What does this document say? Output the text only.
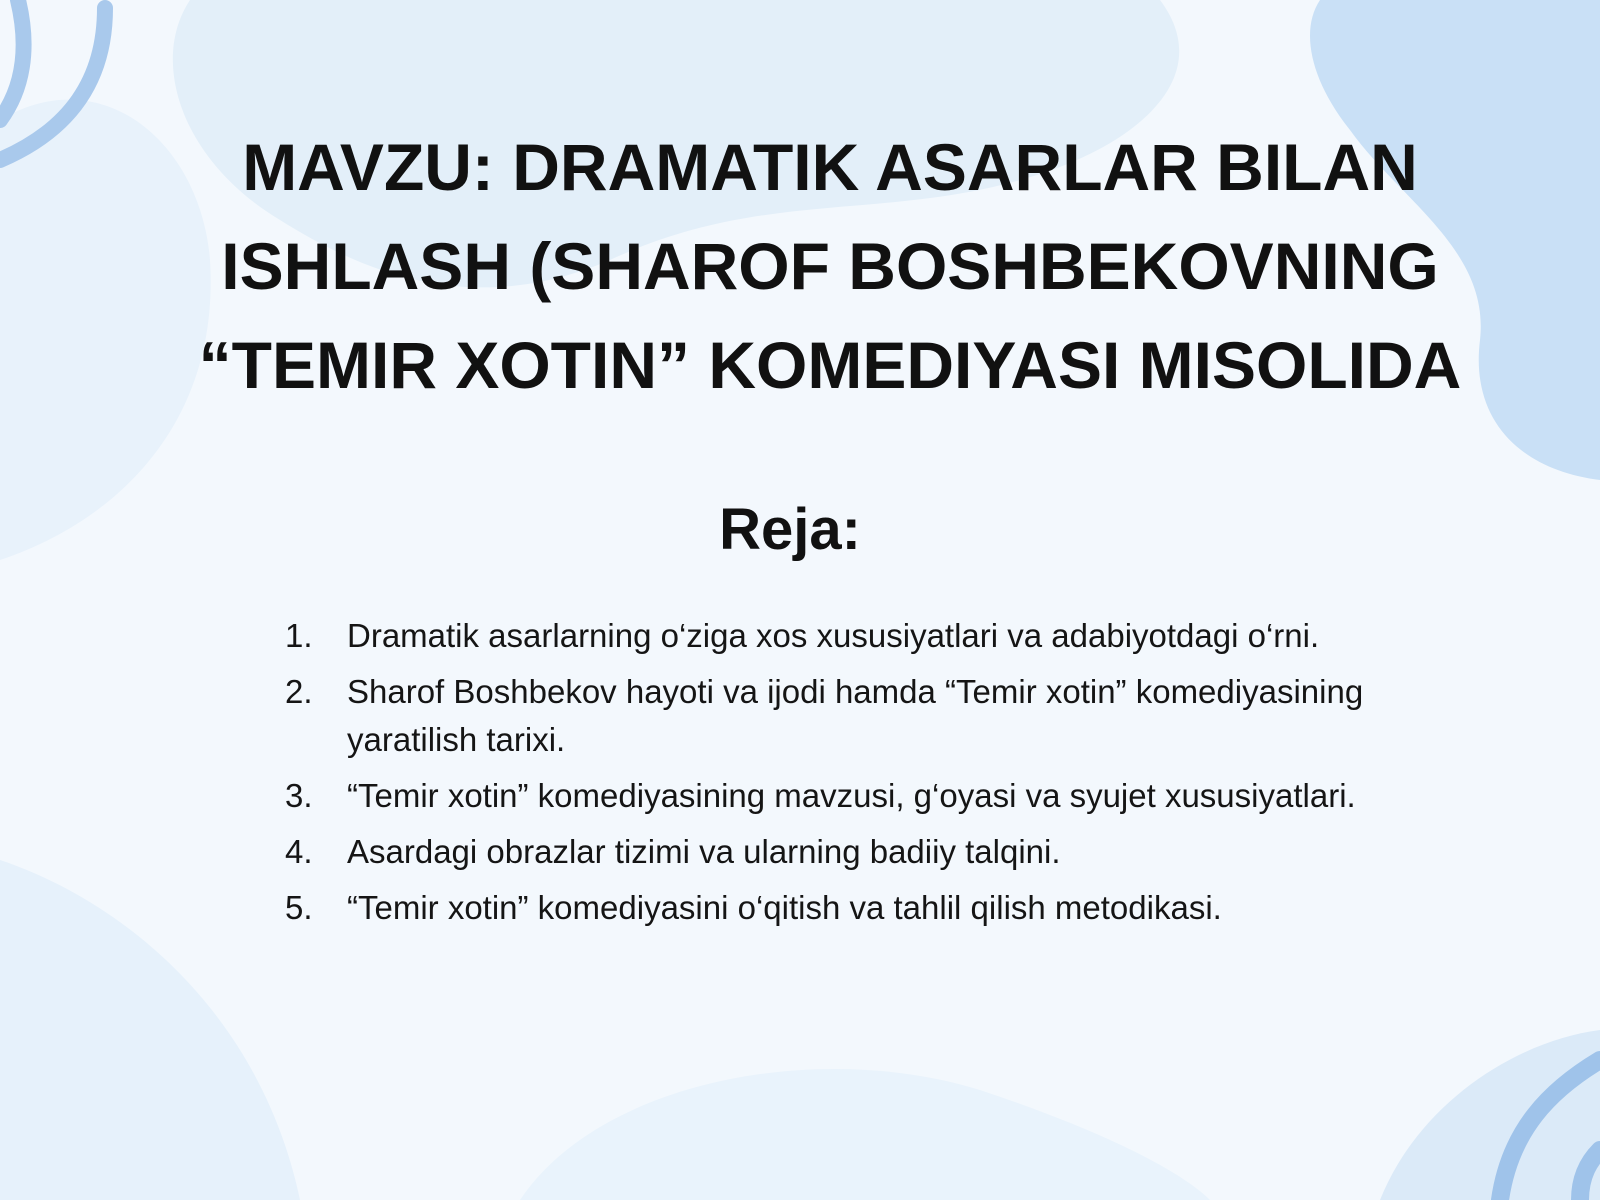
MAVZU: DRAMATIK ASARLAR BILAN ISHLASH (SHAROF BOSHBEKOVNING “TEMIR XOTIN” KOMEDIYASI MISOLIDA
Reja:
1. Dramatik asarlarning o‘ziga xos xususiyatlari va adabiyotdagi o‘rni.
2. Sharof Boshbekov hayoti va ijodi hamda “Temir xotin” komediyasining yaratilish tarixi.
3. “Temir xotin” komediyasining mavzusi, g‘oyasi va syujet xususiyatlari.
4. Asardagi obrazlar tizimi va ularning badiiy talqini.
5. “Temir xotin” komediyasini o‘qitish va tahlil qilish metodikasi.
